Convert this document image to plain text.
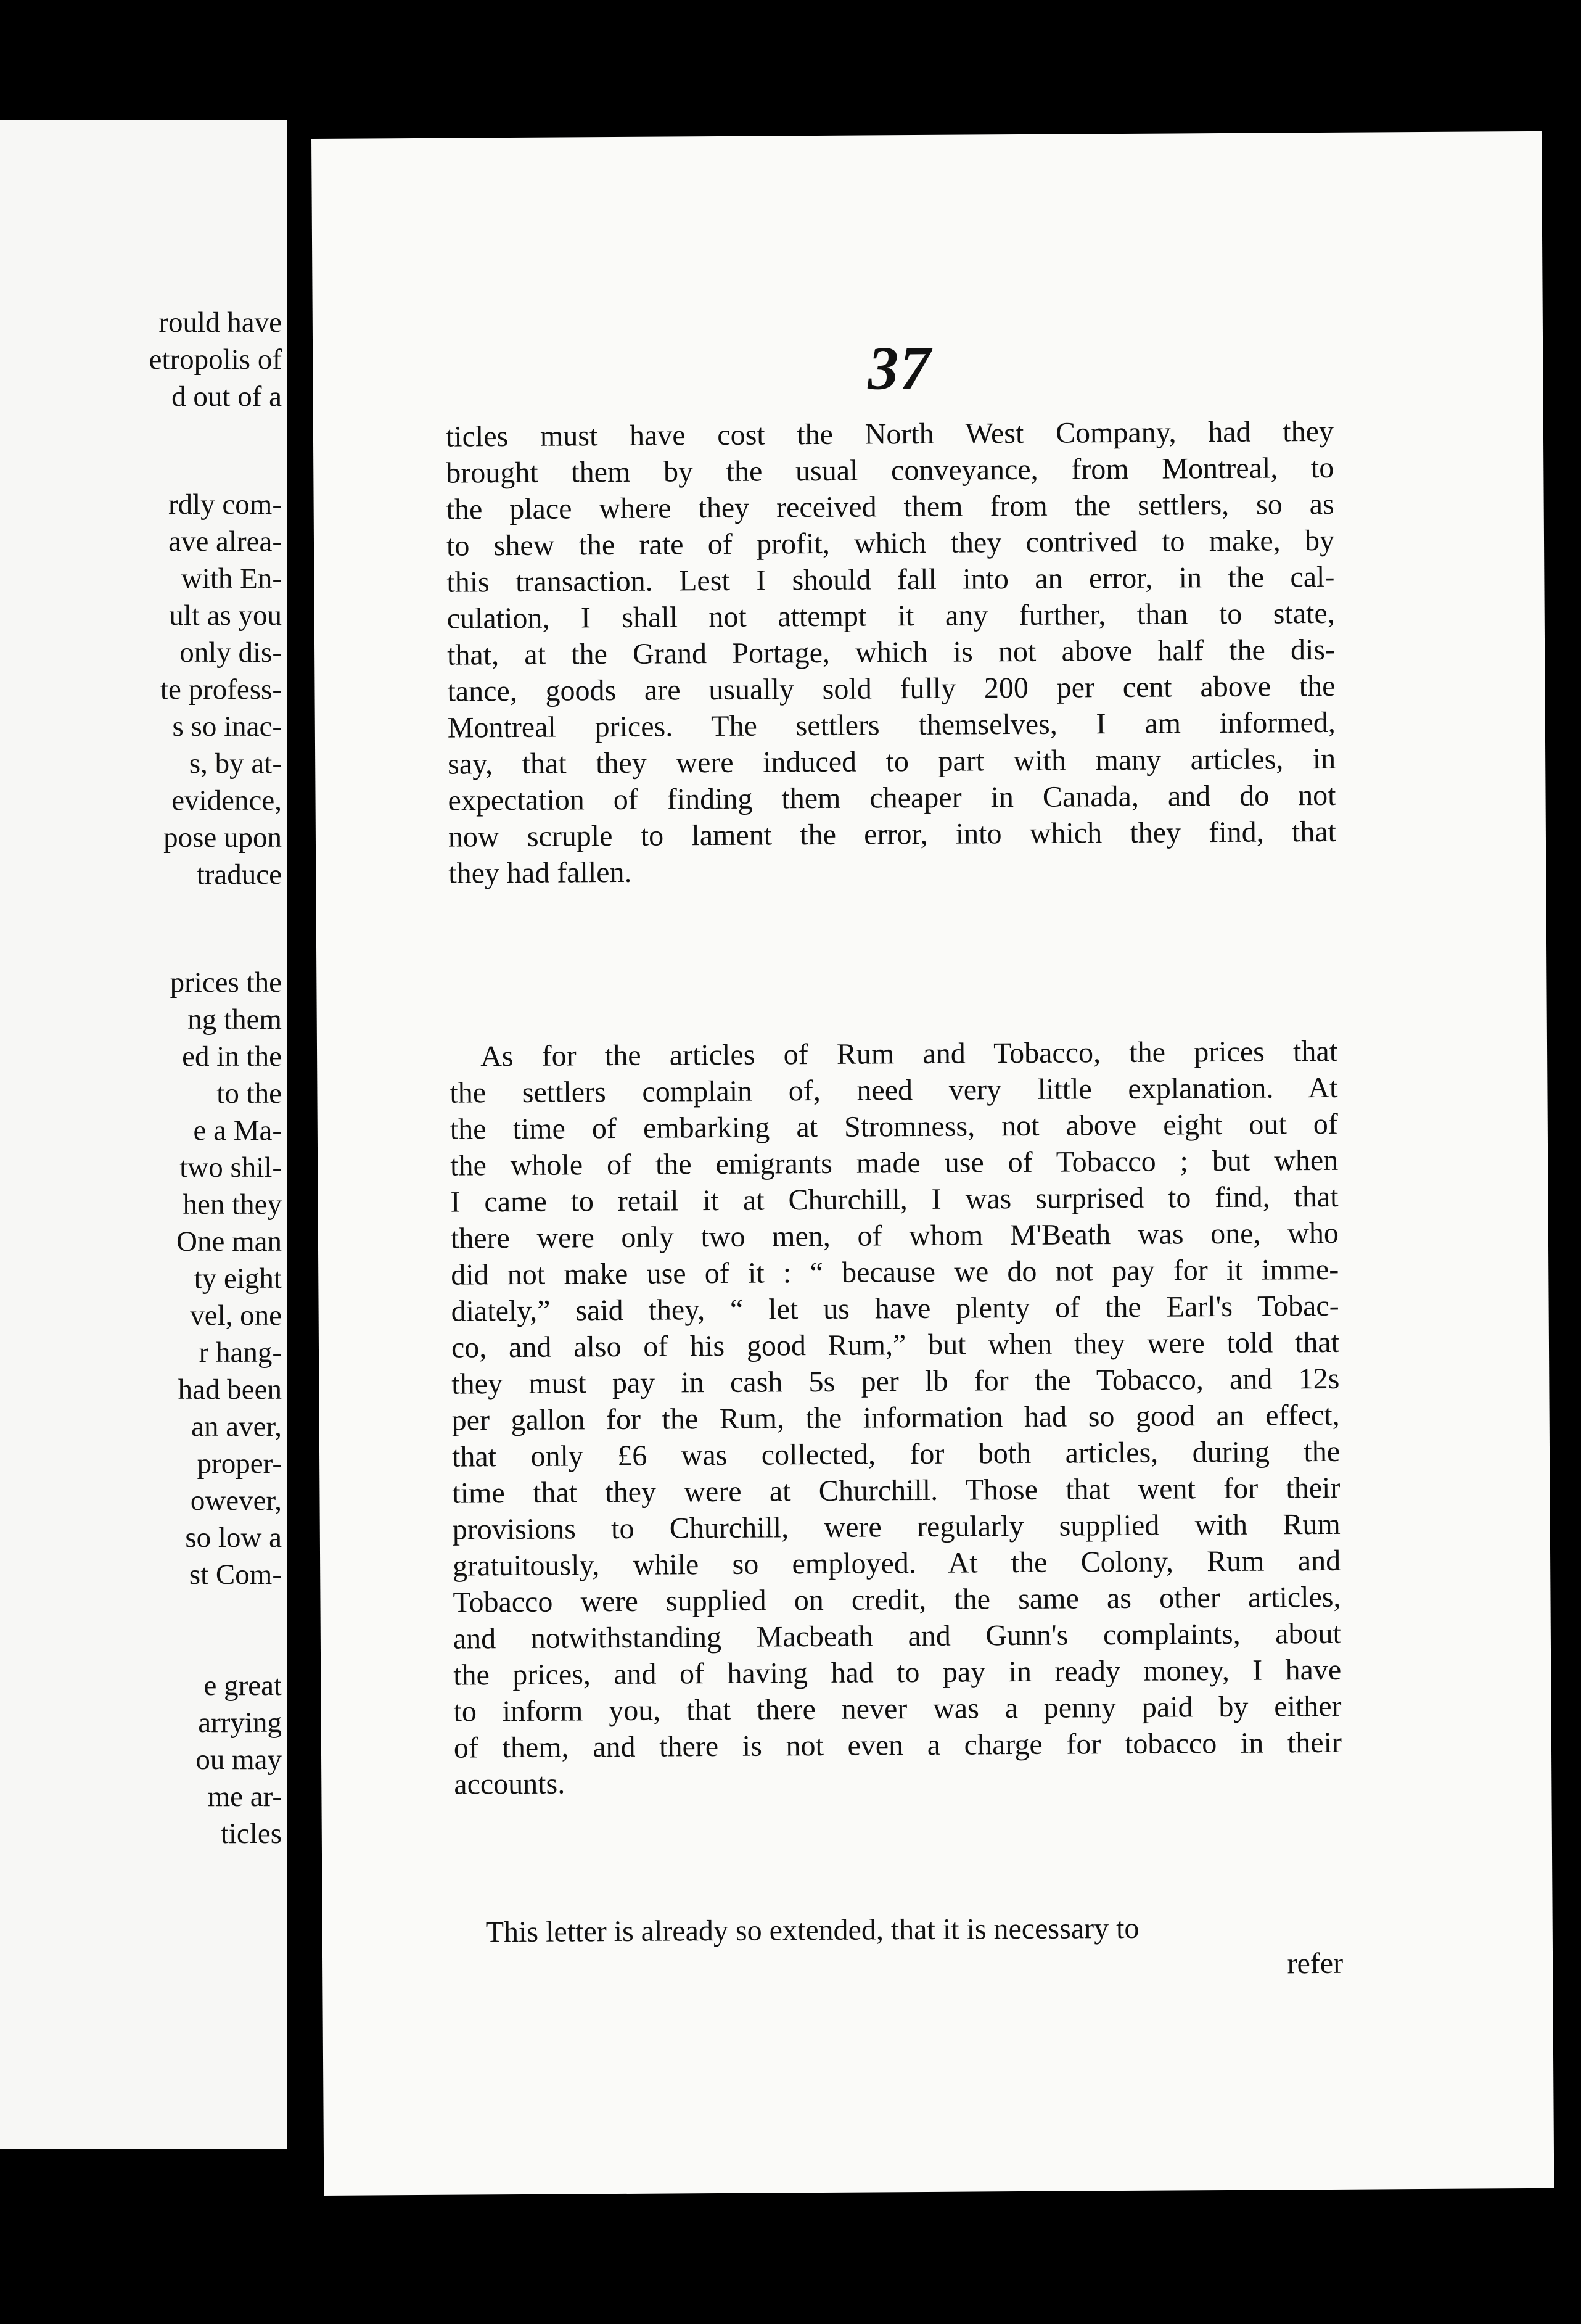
rould have
etropolis of
d out of a
rdly com-
ave alrea-
with En-
ult as you
only dis-
te profess-
s so inac-
s, by at-
evidence,
pose upon
traduce
prices the
ng them
ed in the
to the
e a Ma-
two shil-
hen they
One man
ty eight
vel, one
r hang-
had been
an aver,
proper-
owever,
so low a
st Com-
e great
arrying
ou may
me ar-
ticles
37
ticles must have cost the North West Company, had they
brought them by the usual conveyance, from Montreal, to
the place where they received them from the settlers, so as
to shew the rate of profit, which they contrived to make, by
this transaction. Lest I should fall into an error, in the cal-
culation, I shall not attempt it any further, than to state,
that, at the Grand Portage, which is not above half the dis-
tance, goods are usually sold fully 200 per cent above the
Montreal prices. The settlers themselves, I am informed,
say, that they were induced to part with many articles, in
expectation of finding them cheaper in Canada, and do not
now scruple to lament the error, into which they find, that
they had fallen.
As for the articles of Rum and Tobacco, the prices that
the settlers complain of, need very little explanation. At
the time of embarking at Stromness, not above eight out of
the whole of the emigrants made use of Tobacco ; but when
I came to retail it at Churchill, I was surprised to find, that
there were only two men, of whom M'Beath was one, who
did not make use of it : “ because we do not pay for it imme-
diately,” said they, “ let us have plenty of the Earl's Tobac-
co, and also of his good Rum,” but when they were told that
they must pay in cash 5s per lb for the Tobacco, and 12s
per gallon for the Rum, the information had so good an effect,
that only £6 was collected, for both articles, during the
time that they were at Churchill. Those that went for their
provisions to Churchill, were regularly supplied with Rum
gratuitously, while so employed. At the Colony, Rum and
Tobacco were supplied on credit, the same as other articles,
and notwithstanding Macbeath and Gunn's complaints, about
the prices, and of having had to pay in ready money, I have
to inform you, that there never was a penny paid by either
of them, and there is not even a charge for tobacco in their
accounts.
This letter is already so extended, that it is necessary to
refer
